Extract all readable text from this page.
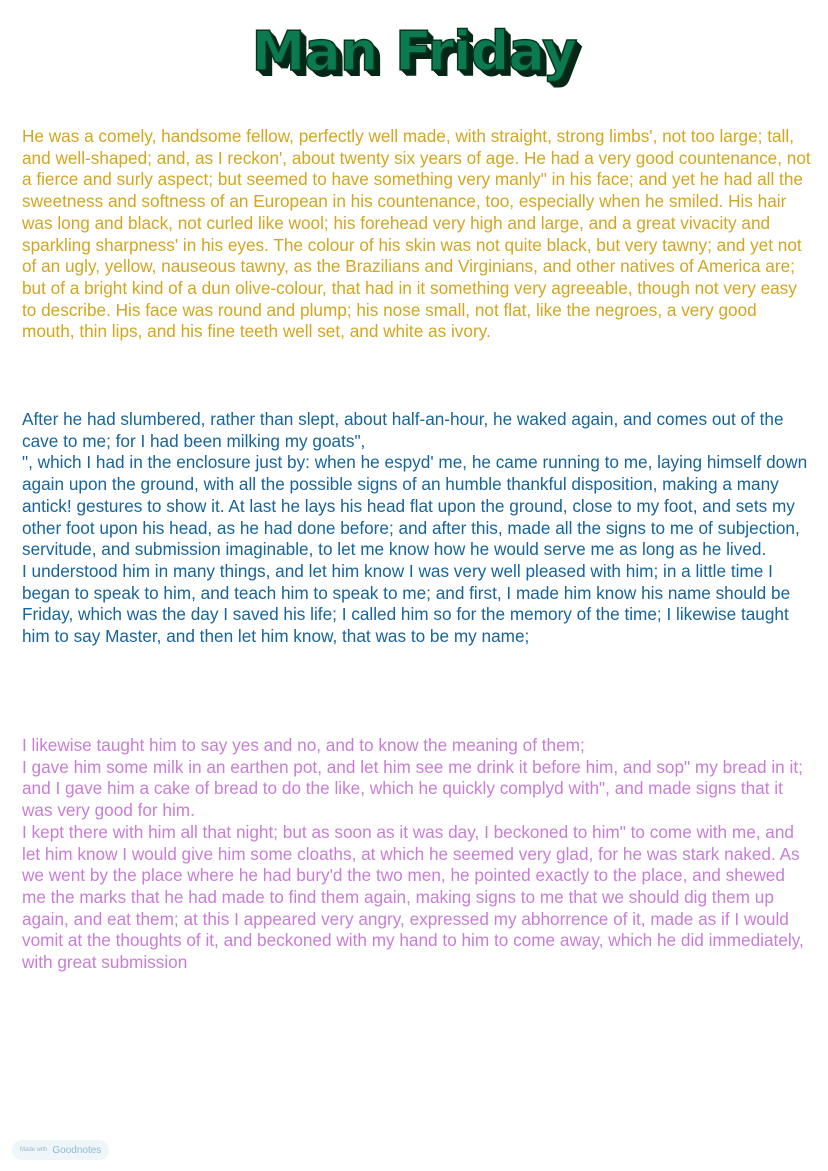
Man Friday

He was a comely, handsome fellow, perfectly well made, with straight, strong limbs', not too large; tall, and well-shaped; and, as I reckon', about twenty six years of age. He had a very good countenance, not a fierce and surly aspect; but seemed to have something very manly" in his face; and yet he had all the sweetness and softness of an European in his countenance, too, especially when he smiled. His hair was long and black, not curled like wool; his forehead very high and large, and a great vivacity and sparkling sharpness' in his eyes. The colour of his skin was not quite black, but very tawny; and yet not of an ugly, yellow, nauseous tawny, as the Brazilians and Virginians, and other natives of America are; but of a bright kind of a dun olive-colour, that had in it something very agreeable, though not very easy to describe. His face was round and plump; his nose small, not flat, like the negroes, a very good mouth, thin lips, and his fine teeth well set, and white as ivory.

After he had slumbered, rather than slept, about half-an-hour, he waked again, and comes out of the cave to me; for I had been milking my goats",

", which I had in the enclosure just by: when he espyd' me, he came running to me, laying himself down again upon the ground, with all the possible signs of an humble thankful disposition, making a many antick! gestures to show it. At last he lays his head flat upon the ground, close to my foot, and sets my other foot upon his head, as he had done before; and after this, made all the signs to me of subjection, servitude, and submission imaginable, to let me know how he would serve me as long as he lived.

I understood him in many things, and let him know I was very well pleased with him; in a little time I began to speak to him, and teach him to speak to me; and first, I made him know his name should be Friday, which was the day I saved his life; I called him so for the memory of the time; I likewise taught him to say Master, and then let him know, that was to be my name;

I likewise taught him to say yes and no, and to know the meaning of them;

I gave him some milk in an earthen pot, and let him see me drink it before him, and sop" my bread in it; and I gave him a cake of bread to do the like, which he quickly complyd with", and made signs that it was very good for him.

I kept there with him all that night; but as soon as it was day, I beckoned to him" to come with me, and let him know I would give him some cloaths, at which he seemed very glad, for he was stark naked. As we went by the place where he had bury'd the two men, he pointed exactly to the place, and shewed me the marks that he had made to find them again, making signs to me that we should dig them up again, and eat them; at this I appeared very angry, expressed my abhorrence of it, made as if I would vomit at the thoughts of it, and beckoned with my hand to him to come away, which he did immediately, with great submission

Made with Goodnotes
